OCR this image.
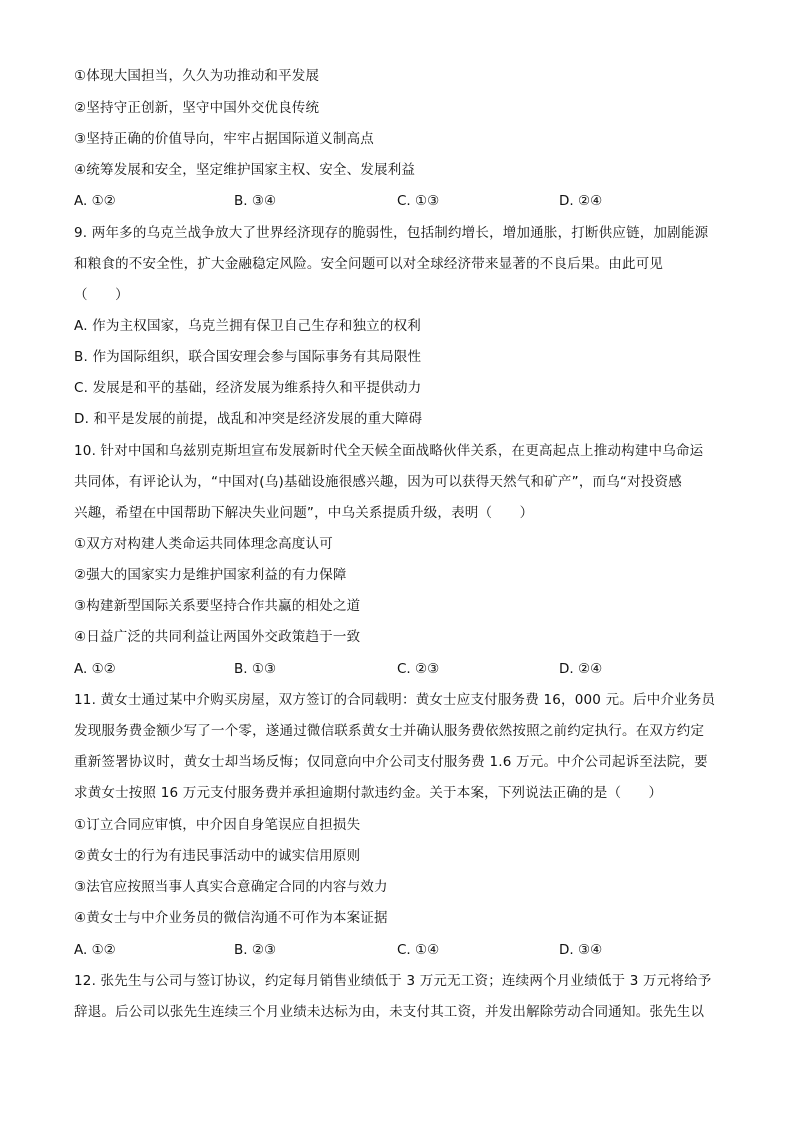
①体现大国担当，久久为功推动和平发展
②坚持守正创新，坚守中国外交优良传统
③坚持正确的价值导向，牢牢占据国际道义制高点
④统筹发展和安全，坚定维护国家主权、安全、发展利益
A. ①②	B. ③④	C. ①③	D. ②④
9. 两年多的乌克兰战争放大了世界经济现存的脆弱性，包括制约增长，增加通胀，打断供应链，加剧能源
和粮食的不安全性，扩大金融稳定风险。安全问题可以对全球经济带来显著的不良后果。由此可见
（　　）
A. 作为主权国家，乌克兰拥有保卫自己生存和独立的权利
B. 作为国际组织，联合国安理会参与国际事务有其局限性
C. 发展是和平的基础，经济发展为维系持久和平提供动力
D. 和平是发展的前提，战乱和冲突是经济发展的重大障碍
10. 针对中国和乌兹别克斯坦宣布发展新时代全天候全面战略伙伴关系，在更高起点上推动构建中乌命运
共同体，有评论认为，“中国对(乌)基础设施很感兴趣，因为可以获得天然气和矿产”，而乌“对投资感
兴趣，希望在中国帮助下解决失业问题”，中乌关系提质升级，表明（　　）
①双方对构建人类命运共同体理念高度认可
②强大的国家实力是维护国家利益的有力保障
③构建新型国际关系要坚持合作共赢的相处之道
④日益广泛的共同利益让两国外交政策趋于一致
A. ①②	B. ①③	C. ②③	D. ②④
11. 黄女士通过某中介购买房屋，双方签订的合同载明：黄女士应支付服务费 16，000 元。后中介业务员
发现服务费金额少写了一个零，遂通过微信联系黄女士并确认服务费依然按照之前约定执行。在双方约定
重新签署协议时，黄女士却当场反悔；仅同意向中介公司支付服务费 1.6 万元。中介公司起诉至法院，要
求黄女士按照 16 万元支付服务费并承担逾期付款违约金。关于本案，下列说法正确的是（　　）
①订立合同应审慎，中介因自身笔误应自担损失
②黄女士的行为有违民事活动中的诚实信用原则
③法官应按照当事人真实合意确定合同的内容与效力
④黄女士与中介业务员的微信沟通不可作为本案证据
A. ①②	B. ②③	C. ①④	D. ③④
12. 张先生与公司与签订协议，约定每月销售业绩低于 3 万元无工资；连续两个月业绩低于 3 万元将给予
辞退。后公司以张先生连续三个月业绩未达标为由，未支付其工资，并发出解除劳动合同通知。张先生以
